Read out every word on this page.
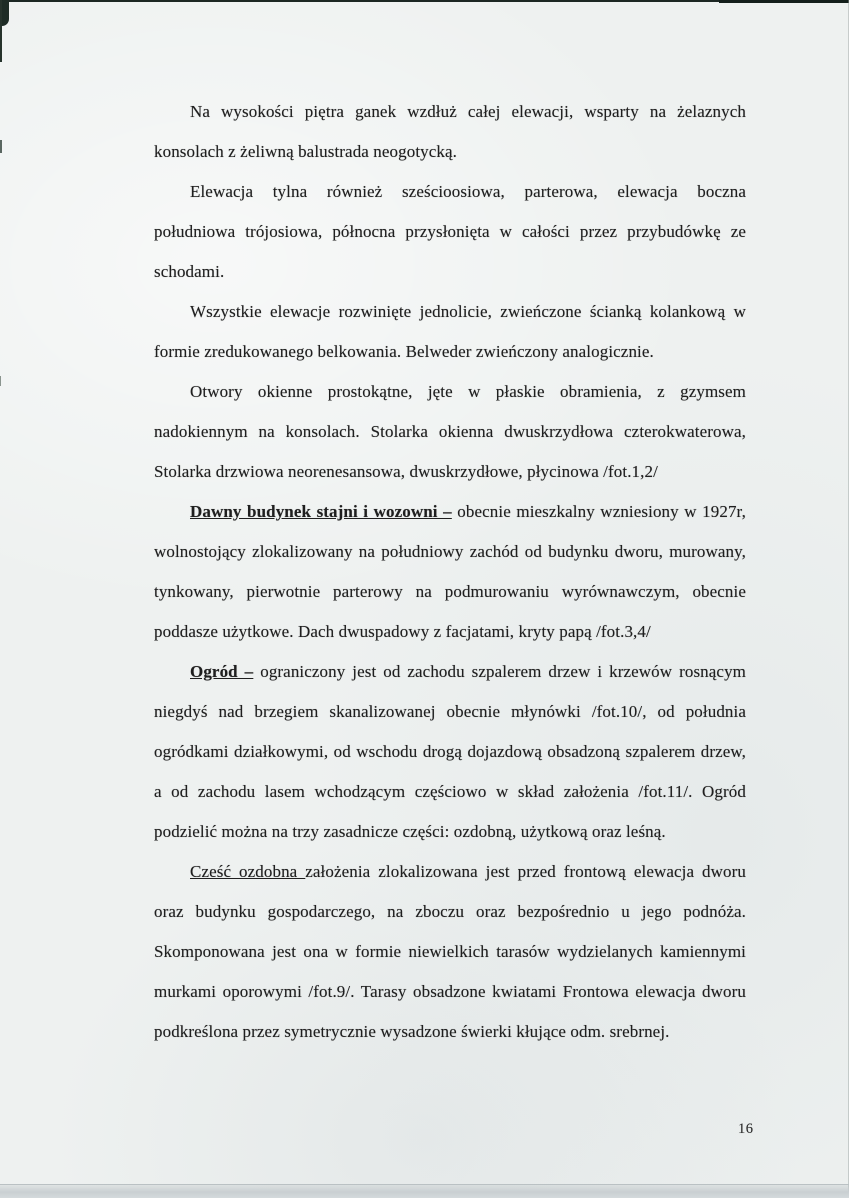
Na wysokości piętra ganek wzdłuż całej elewacji, wsparty na żelaznych
konsolach z żeliwną balustrada neogotycką.
Elewacja tylna również sześcioosiowa, parterowa, elewacja boczna
południowa trójosiowa, północna przysłonięta w całości przez przybudówkę ze
schodami.
Wszystkie elewacje rozwinięte jednolicie, zwieńczone ścianką kolankową w
formie zredukowanego belkowania. Belweder zwieńczony analogicznie.
Otwory okienne prostokątne, jęte w płaskie obramienia, z gzymsem
nadokiennym na konsolach. Stolarka okienna dwuskrzydłowa czterokwaterowa,
Stolarka drzwiowa neorenesansowa, dwuskrzydłowe, płycinowa /fot.1,2/
Dawny budynek stajni i wozowni – obecnie mieszkalny wzniesiony w 1927r,
wolnostojący zlokalizowany na południowy zachód od budynku dworu, murowany,
tynkowany, pierwotnie parterowy na podmurowaniu wyrównawczym, obecnie
poddasze użytkowe. Dach dwuspadowy z facjatami, kryty papą /fot.3,4/
Ogród – ograniczony jest od zachodu szpalerem drzew i krzewów rosnącym
niegdyś nad brzegiem skanalizowanej obecnie młynówki /fot.10/, od południa
ogródkami działkowymi, od wschodu drogą dojazdową obsadzoną szpalerem drzew,
a od zachodu lasem wchodzącym częściowo w skład założenia /fot.11/. Ogród
podzielić można na trzy zasadnicze części: ozdobną, użytkową oraz leśną.
Cześć ozdobna założenia zlokalizowana jest przed frontową elewacja dworu
oraz budynku gospodarczego, na zboczu oraz bezpośrednio u jego podnóża.
Skomponowana jest ona w formie niewielkich tarasów wydzielanych kamiennymi
murkami oporowymi /fot.9/. Tarasy obsadzone kwiatami Frontowa elewacja dworu
podkreślona przez symetrycznie wysadzone świerki kłujące odm. srebrnej.
16
